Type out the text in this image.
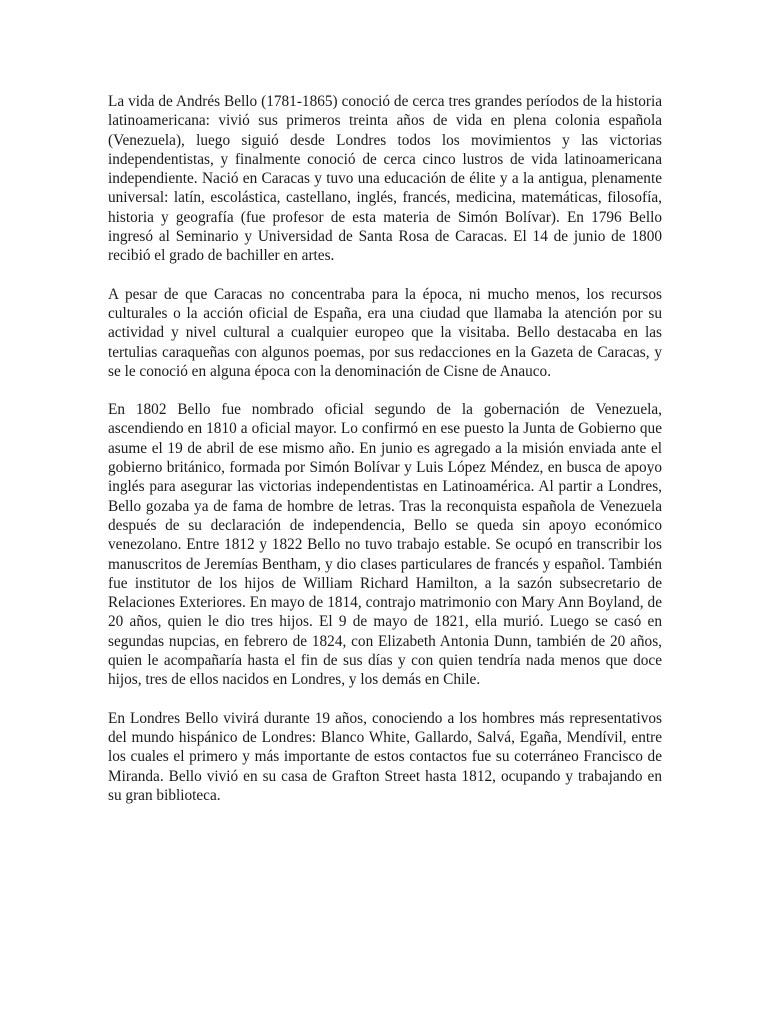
La vida de Andrés Bello (1781-1865) conoció de cerca tres grandes períodos de la historia latinoamericana: vivió sus primeros treinta años de vida en plena colonia española (Venezuela), luego siguió desde Londres todos los movimientos y las victorias independentistas, y finalmente conoció de cerca cinco lustros de vida latinoamericana independiente. Nació en Caracas y tuvo una educación de élite y a la antigua, plenamente universal: latín, escolástica, castellano, inglés, francés, medicina, matemáticas, filosofía, historia y geografía (fue profesor de esta materia de Simón Bolívar). En 1796 Bello ingresó al Seminario y Universidad de Santa Rosa de Caracas. El 14 de junio de 1800 recibió el grado de bachiller en artes.

A pesar de que Caracas no concentraba para la época, ni mucho menos, los recursos culturales o la acción oficial de España, era una ciudad que llamaba la atención por su actividad y nivel cultural a cualquier europeo que la visitaba. Bello destacaba en las tertulias caraqueñas con algunos poemas, por sus redacciones en la Gazeta de Caracas, y se le conoció en alguna época con la denominación de Cisne de Anauco.

En 1802 Bello fue nombrado oficial segundo de la gobernación de Venezuela, ascendiendo en 1810 a oficial mayor. Lo confirmó en ese puesto la Junta de Gobierno que asume el 19 de abril de ese mismo año. En junio es agregado a la misión enviada ante el gobierno británico, formada por Simón Bolívar y Luis López Méndez, en busca de apoyo inglés para asegurar las victorias independentistas en Latinoamérica. Al partir a Londres, Bello gozaba ya de fama de hombre de letras. Tras la reconquista española de Venezuela después de su declaración de independencia, Bello se queda sin apoyo económico venezolano. Entre 1812 y 1822 Bello no tuvo trabajo estable. Se ocupó en transcribir los manuscritos de Jeremías Bentham, y dio clases particulares de francés y español. También fue institutor de los hijos de William Richard Hamilton, a la sazón subsecretario de Relaciones Exteriores. En mayo de 1814, contrajo matrimonio con Mary Ann Boyland, de 20 años, quien le dio tres hijos. El 9 de mayo de 1821, ella murió. Luego se casó en segundas nupcias, en febrero de 1824, con Elizabeth Antonia Dunn, también de 20 años, quien le acompañaría hasta el fin de sus días y con quien tendría nada menos que doce hijos, tres de ellos nacidos en Londres, y los demás en Chile.

En Londres Bello vivirá durante 19 años, conociendo a los hombres más representativos del mundo hispánico de Londres: Blanco White, Gallardo, Salvá, Egaña, Mendívil, entre los cuales el primero y más importante de estos contactos fue su coterráneo Francisco de Miranda. Bello vivió en su casa de Grafton Street hasta 1812, ocupando y trabajando en su gran biblioteca.
